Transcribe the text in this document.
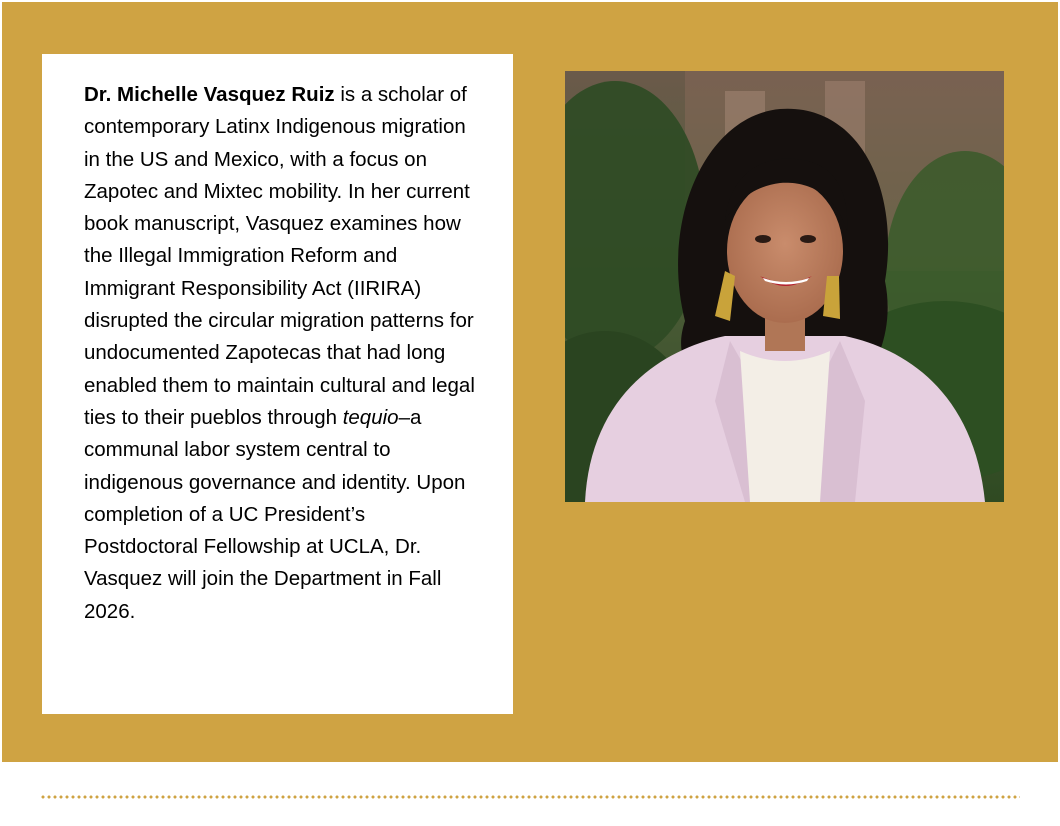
Dr. Michelle Vasquez Ruiz is a scholar of contemporary Latinx Indigenous migration in the US and Mexico, with a focus on Zapotec and Mixtec mobility. In her current book manuscript, Vasquez examines how the Illegal Immigration Reform and Immigrant Responsibility Act (IIRIRA) disrupted the circular migration patterns for undocumented Zapotecas that had long enabled them to maintain cultural and legal ties to their pueblos through tequio–a communal labor system central to indigenous governance and identity. Upon completion of a UC President’s Postdoctoral Fellowship at UCLA, Dr. Vasquez will join the Department in Fall 2026.
